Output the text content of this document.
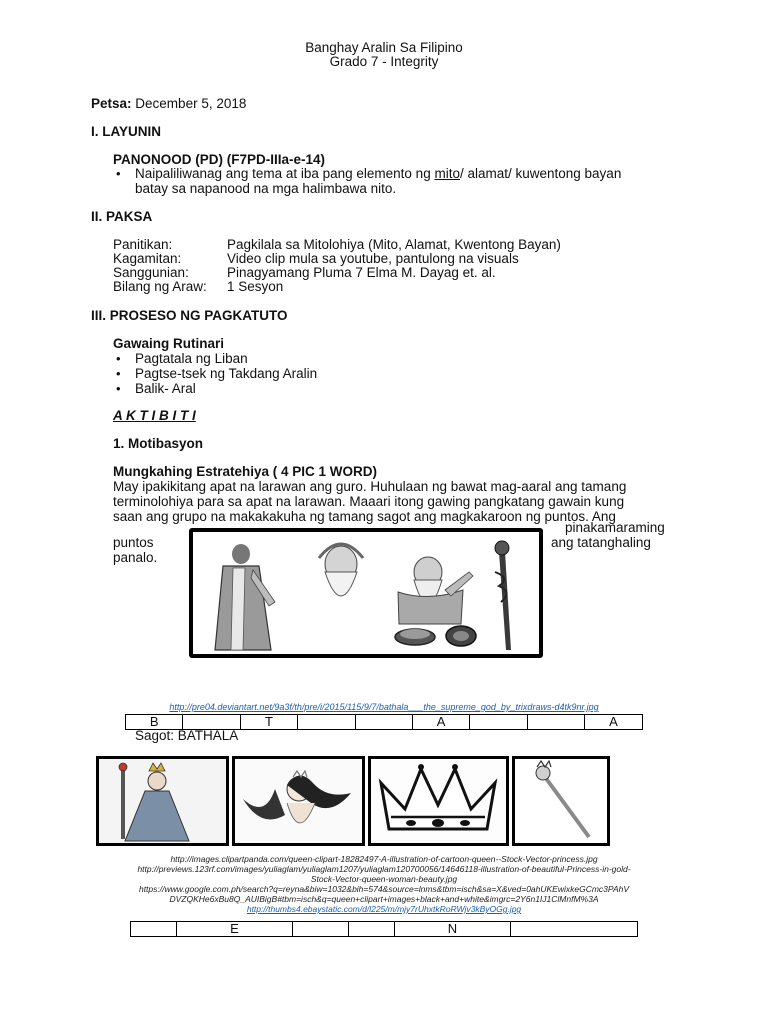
Banghay Aralin Sa Filipino
Grado 7 - Integrity
Petsa: December 5, 2018
I. LAYUNIN
PANONOOD (PD) (F7PD-IIIa-e-14)
• Naipaliliwanag ang tema at iba pang elemento ng mito/ alamat/ kuwentong bayan
batay sa napanood na mga halimbawa nito.
II. PAKSA
Panitikan:	Pagkilala sa Mitolohiya (Mito, Alamat, Kwentong Bayan)
Kagamitan:	Video clip mula sa youtube, pantulong na visuals
Sanggunian:	Pinagyamang Pluma 7 Elma M. Dayag et. al.
Bilang ng Araw: 1 Sesyon
III. PROSESO NG PAGKATUTO
Gawaing Rutinari
• Pagtatala ng Liban
• Pagtse-tsek ng Takdang Aralin
• Balik- Aral
A K T I B I T I
1. Motibasyon
Mungkahing Estratehiya ( 4 PIC 1 WORD)
May ipakikitang apat na larawan ang guro. Huhulaan ng bawat mag-aaral ang tamang
terminolohiya para sa apat na larawan. Maaari itong gawing pangkatang gawain kung
saan ang grupo na makakakuha ng tamang sagot ang magkakaroon ng puntos. Ang
pinakamaraming
puntos	ang tatanghaling
panalo.
http://pre04.deviantart.net/9a3f/th/pre/i/2015/115/9/7/bathala___the_supreme_god_by_trixdraws-d4tk9nr.jpg
B		T			A			A
Sagot: BATHALA
http://images.clipartpanda.com/queen-clipart-18282497-A-illustration-of-cartoon-queen--Stock-Vector-princess.jpg
http://previews.123rf.com/images/yuliaglam/yuliaglam1207/yuliaglam120700056/14646118-illustration-of-beautiful-Princess-in-gold-
Stock-Vector-queen-woman-beauty.jpg
https://www.google.com.ph/search?q=reyna&biw=1032&bih=574&source=lnms&tbm=isch&sa=X&ved=0ahUKEwixkeGCmc3PAhV
DVZQKHe6xBu8Q_AUIBigB#tbm=isch&q=queen+clipart+images+black+and+white&imgrc=2Y6n1IJ1ClMnfM%3A
http://thumbs4.ebaystatic.com/d/l225/m/mjy7rUhxtkRoRWjv3kByOGg.jpg
	E			N	
